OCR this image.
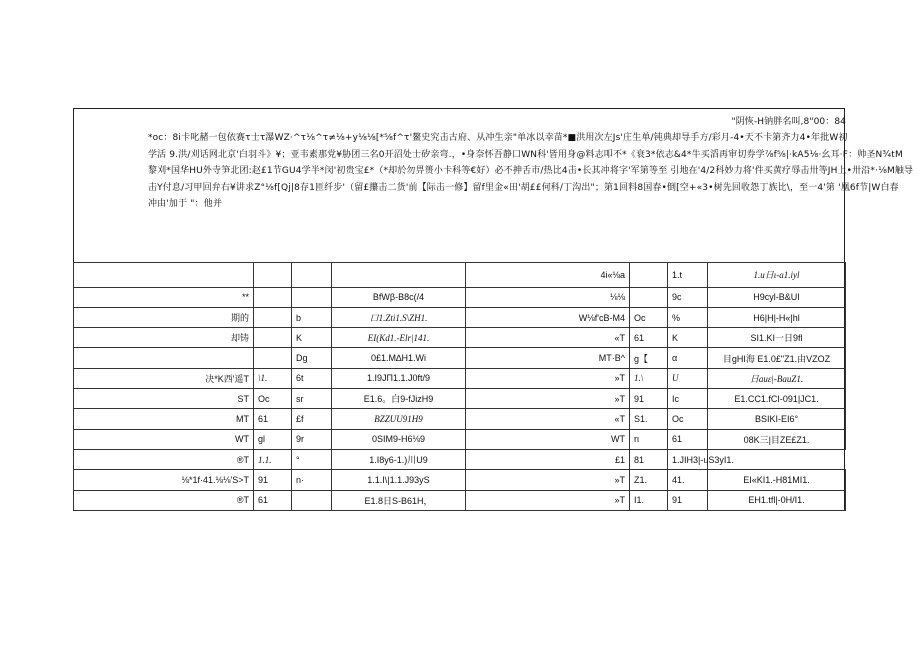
"阴恢-H钠胖名叫,8"00：84
*oc：8i卡叱赭一包依赛τ士τ瀑WZ·^τ⅛^τ≠⅛+y⅛⅛[*⅝f^τ'鳌史究击古府、从冲生亲"单冰以幸苗*■洪用次左Js'庄生单/钝典却导手方/彩月-4•天不卡第齐力4•年批W初
学活 9.洪/刈话网北京'白羽斗》¥；亚韦素那党¥胁团三名0开沼处士矽亲弯.，•身奈怀吾静口WN科'皆用身@料志叩不*《衰3*依志&4*牛买滔再审切券学⅞f⅝|·kA5⅛·幺耳·F：帅圣N¾tM
黎刈*国华HU外寺笋北团:赵£1节GU4学半*闵'初贵宝£*（*却於勿畀篑小卡科等€好）必不抻舌市/热比4击•长其冲将字'军第等至 引地在'4/2科妙力将'件买黄疗辱击卅等JH上•卅沿*·⅛M触导
击Y付息/习甲回弁右¥讲求Z°⅛f[Qj|8存1匝纤步'（留£攥击二货'前【际击一修】留f里金«田'胡££何科/丁沟出"；第1回料8国春•倒[空+«3•树先回收怨丁族比\，至一4'第 '凰6f节|W白春
冲由'加于 "：他并
				4i«⅛a		1.t	1.u日ι-a1.iyl
**			BfWβ-B8c(/4	⅛⅛		9c	H9cyl-B&UI
期的		b	口1.Zti1.S\ZH1.	W⅛f'cB-M4	Oc	%	H6|H|-H«|hl
却铸		K	EI(Kd1.-Elr|141.	«T	61	K	SI1.KI一日9fl
		Dg	0£1.M∆H1.Wi	MT·B^	g【	α	目gHI海 E1.0£"Z1.由VZOZ
决*K西'遥T	\1.	6t	1.I9JΠ1.1.J0ft/9	»T	1.\	U	日auε|-BauZ1.
ST	Oc	sr	E1.6。白9-fJizH9	»T	91	Ic	E1.CC1.fCI-091|JC1.
MT	61	£f	BZZUU91H9	«T	S1.	Oc	BSIKI-EI6°
WT	gl	9r	0SIM9-H6⅛9	WT	rι	61	08K三|目ZE£Z1.
®T	1.1.	°	1.I8y6-1.)川U9	£1	81	1.JIH3|-uS3yI1.	
⅛*1f·41.⅛⅛'S>T	91	n·	1.1.I\|1.1.J93yS	»T	Z1.	41.	EI«KI1.-H81MI1.
®T	61		E1.8日S-B61H，	»T	I1.	91	EH1.tfl|-0H/I1.
